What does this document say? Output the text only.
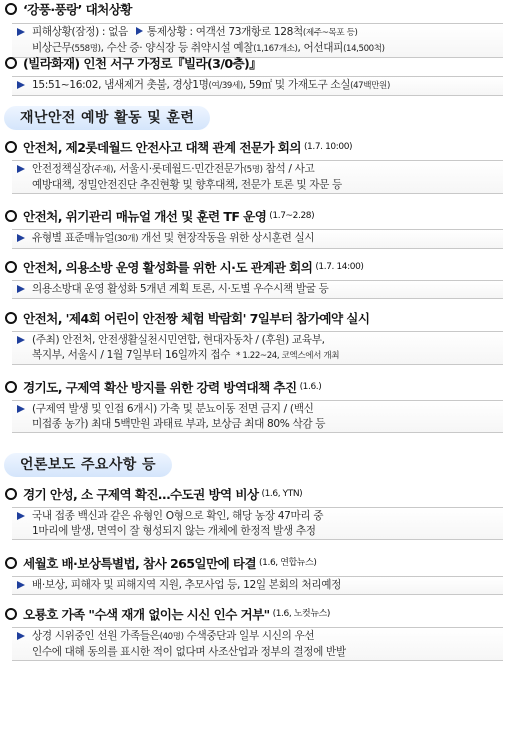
‘강풍·풍랑’ 대처상황
피해상황(잠정) : 없음 통제상황 : 여객선 73개항로 128척(제주~목포 등)
비상근무(558명), 수산 증· 양식장 등 취약시설 예찰(1,167개소), 어선대피(14,500척)
(빌라화재) 인천 서구 가정로『빌라(3/0층)』
15:51~16:02, 냄새제거 촛불, 경상1명(여/39세), 59㎡ 및 가재도구 소실(47백만원)
재난안전 예방 활동 및 훈련
안전처, 제2롯데월드 안전사고 대책 관계 전문가 회의 (1.7. 10:00)
안전정책실장(주재), 서울시·롯데월드·민간전문가(5명) 참석 / 사고
예방대책, 정밀안전진단 추진현황 및 향후대책, 전문가 토론 및 자문 등
안전처, 위기관리 매뉴얼 개선 및 훈련 TF 운영 (1.7~2.28)
유형별 표준매뉴얼(30개) 개선 및 현장작동을 위한 상시훈련 실시
안전처, 의용소방 운영 활성화를 위한 시·도 관계관 회의 (1.7. 14:00)
의용소방대 운영 활성화 5개년 계획 토론, 시·도별 우수시책 발굴 등
안전처, '제4회 어린이 안전짱 체험 박람회' 7일부터 참가예약 실시
(주최) 안전처, 안전생활실천시민연합, 현대자동차 / (후원) 교육부,
복지부, 서울시 / 1월 7일부터 16일까지 접수 * 1.22~24, 코엑스에서 개최
경기도, 구제역 확산 방지를 위한 강력 방역대책 추진 (1.6.)
(구제역 발생 및 인접 6개시) 가축 및 분뇨이동 전면 금지 / (백신
미접종 농가) 최대 5백만원 과태료 부과, 보상금 최대 80% 삭감 등
언론보도 주요사항 등
경기 안성, 소 구제역 확진…수도권 방역 비상 (1.6, YTN)
국내 접종 백신과 같은 유형인 O형으로 확인, 해당 농장 47마리 중
1마리에 발생, 면역이 잘 형성되지 않는 개체에 한정적 발생 추정
세월호 배·보상특별법, 참사 265일만에 타결 (1.6, 연합뉴스)
배·보상, 피해자 및 피해지역 지원, 추모사업 등, 12일 본회의 처리예정
오룡호 가족 "수색 재개 없이는 시신 인수 거부" (1.6, 노컷뉴스)
상경 시위중인 선원 가족들은(40명) 수색중단과 일부 시신의 우선
인수에 대해 동의를 표시한 적이 없다며 사조산업과 정부의 결정에 반발
